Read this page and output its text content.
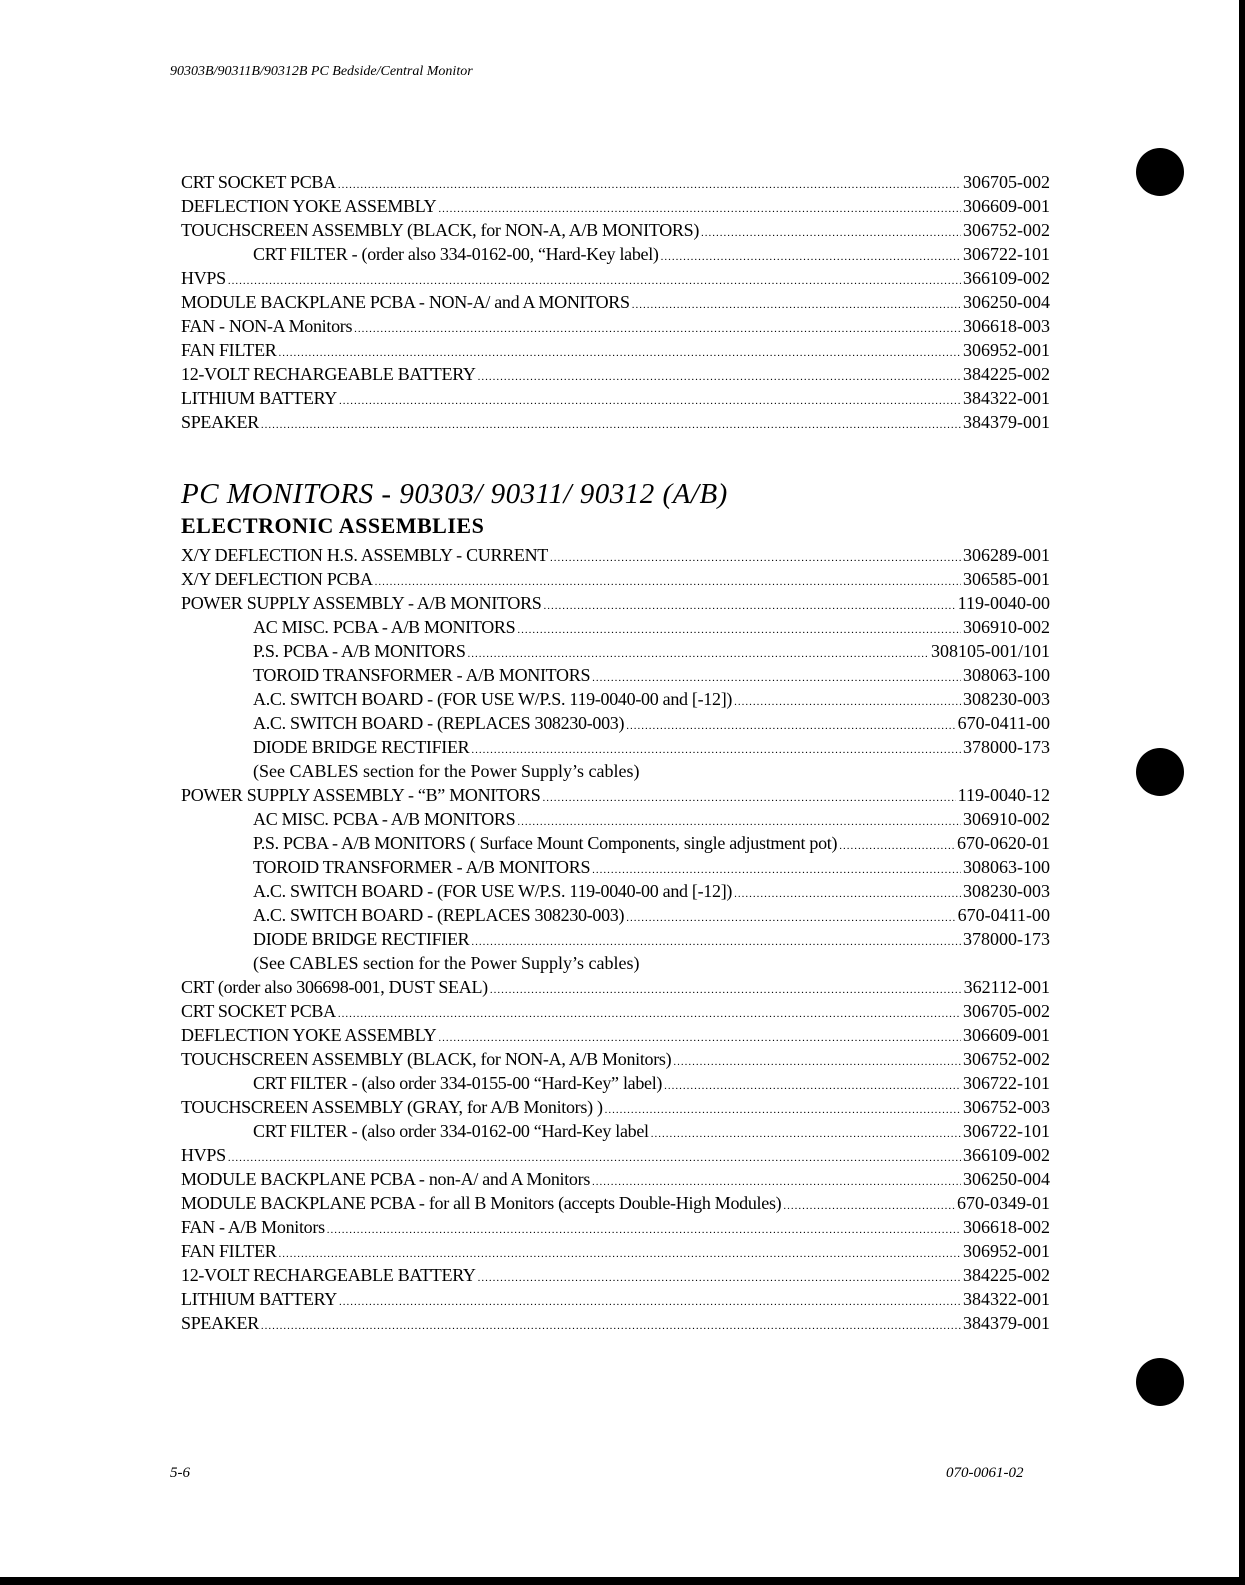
90303B/90311B/90312B PC Bedside/Central Monitor
CRT SOCKET PCBA .....	306705-002
DEFLECTION YOKE ASSEMBLY .....	306609-001
TOUCHSCREEN ASSEMBLY (BLACK, for NON-A, A/B MONITORS) .....	306752-002
CRT FILTER - (order also 334-0162-00, “Hard-Key label) .....	306722-101
HVPS .....	366109-002
MODULE BACKPLANE PCBA - NON-A/ and A MONITORS .....	306250-004
FAN - NON-A Monitors .....	306618-003
FAN FILTER .....	306952-001
12-VOLT RECHARGEABLE BATTERY .....	384225-002
LITHIUM BATTERY .....	384322-001
SPEAKER .....	384379-001
PC MONITORS - 90303/ 90311/ 90312 (A/B)
ELECTRONIC ASSEMBLIES
X/Y DEFLECTION H.S. ASSEMBLY - CURRENT .....	306289-001
X/Y DEFLECTION PCBA .....	306585-001
POWER SUPPLY ASSEMBLY - A/B MONITORS .....	119-0040-00
AC MISC. PCBA - A/B MONITORS .....	306910-002
P.S. PCBA - A/B MONITORS .....	308105-001/101
TOROID TRANSFORMER - A/B MONITORS .....	308063-100
A.C. SWITCH BOARD - (FOR USE W/P.S. 119-0040-00 and [-12]) .....	308230-003
A.C. SWITCH BOARD - (REPLACES 308230-003) .....	670-0411-00
DIODE BRIDGE RECTIFIER .....	378000-173
(See CABLES section for the Power Supply’s cables)
POWER SUPPLY ASSEMBLY - “B” MONITORS .....	119-0040-12
AC MISC. PCBA - A/B MONITORS .....	306910-002
P.S. PCBA - A/B MONITORS ( Surface Mount Components, single adjustment pot) .....	670-0620-01
TOROID TRANSFORMER - A/B MONITORS .....	308063-100
A.C. SWITCH BOARD - (FOR USE W/P.S. 119-0040-00 and [-12]) .....	308230-003
A.C. SWITCH BOARD - (REPLACES 308230-003) .....	670-0411-00
DIODE BRIDGE RECTIFIER .....	378000-173
(See CABLES section for the Power Supply’s cables)
CRT (order also 306698-001, DUST SEAL) .....	362112-001
CRT SOCKET PCBA .....	306705-002
DEFLECTION YOKE ASSEMBLY .....	306609-001
TOUCHSCREEN ASSEMBLY (BLACK, for NON-A, A/B Monitors) .....	306752-002
CRT FILTER - (also order 334-0155-00 “Hard-Key” label) .....	306722-101
TOUCHSCREEN ASSEMBLY (GRAY, for A/B Monitors) ) .....	306752-003
CRT FILTER - (also order 334-0162-00 “Hard-Key label .....	306722-101
HVPS .....	366109-002
MODULE BACKPLANE PCBA - non-A/ and A Monitors .....	306250-004
MODULE BACKPLANE PCBA - for all B Monitors (accepts Double-High Modules) .....	670-0349-01
FAN - A/B Monitors .....	306618-002
FAN FILTER .....	306952-001
12-VOLT RECHARGEABLE BATTERY .....	384225-002
LITHIUM BATTERY .....	384322-001
SPEAKER .....	384379-001
5-6	070-0061-02
